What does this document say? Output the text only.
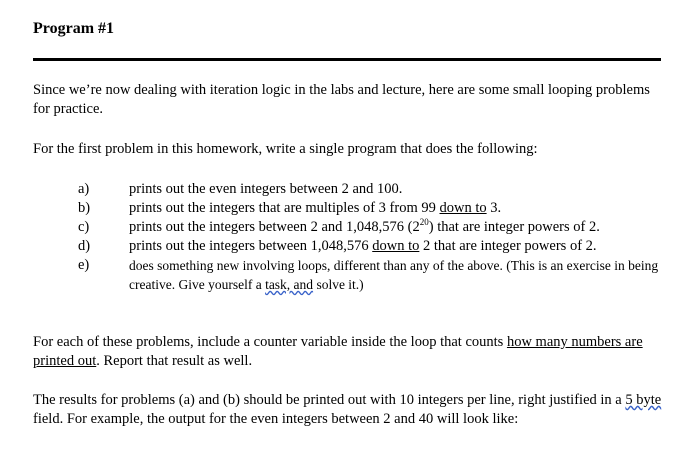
Program #1

Since we’re now dealing with iteration logic in the labs and lecture, here are some small looping problems for practice.

For the first problem in this homework, write a single program that does the following:

a)	prints out the even integers between 2 and 100.
b)	prints out the integers that are multiples of 3 from 99 down to 3.
c)	prints out the integers between 2 and 1,048,576 $(2^{20})$ that are integer powers of 2.
d)	prints out the integers between 1,048,576 down to 2 that are integer powers of 2.
e)	does something new involving loops, different than any of the above. (This is an exercise in being creative. Give yourself a task, and solve it.)

For each of these problems, include a counter variable inside the loop that counts how many numbers are printed out. Report that result as well.

The results for problems (a) and (b) should be printed out with 10 integers per line, right justified in a 5 byte field. For example, the output for the even integers between 2 and 40 will look like:
